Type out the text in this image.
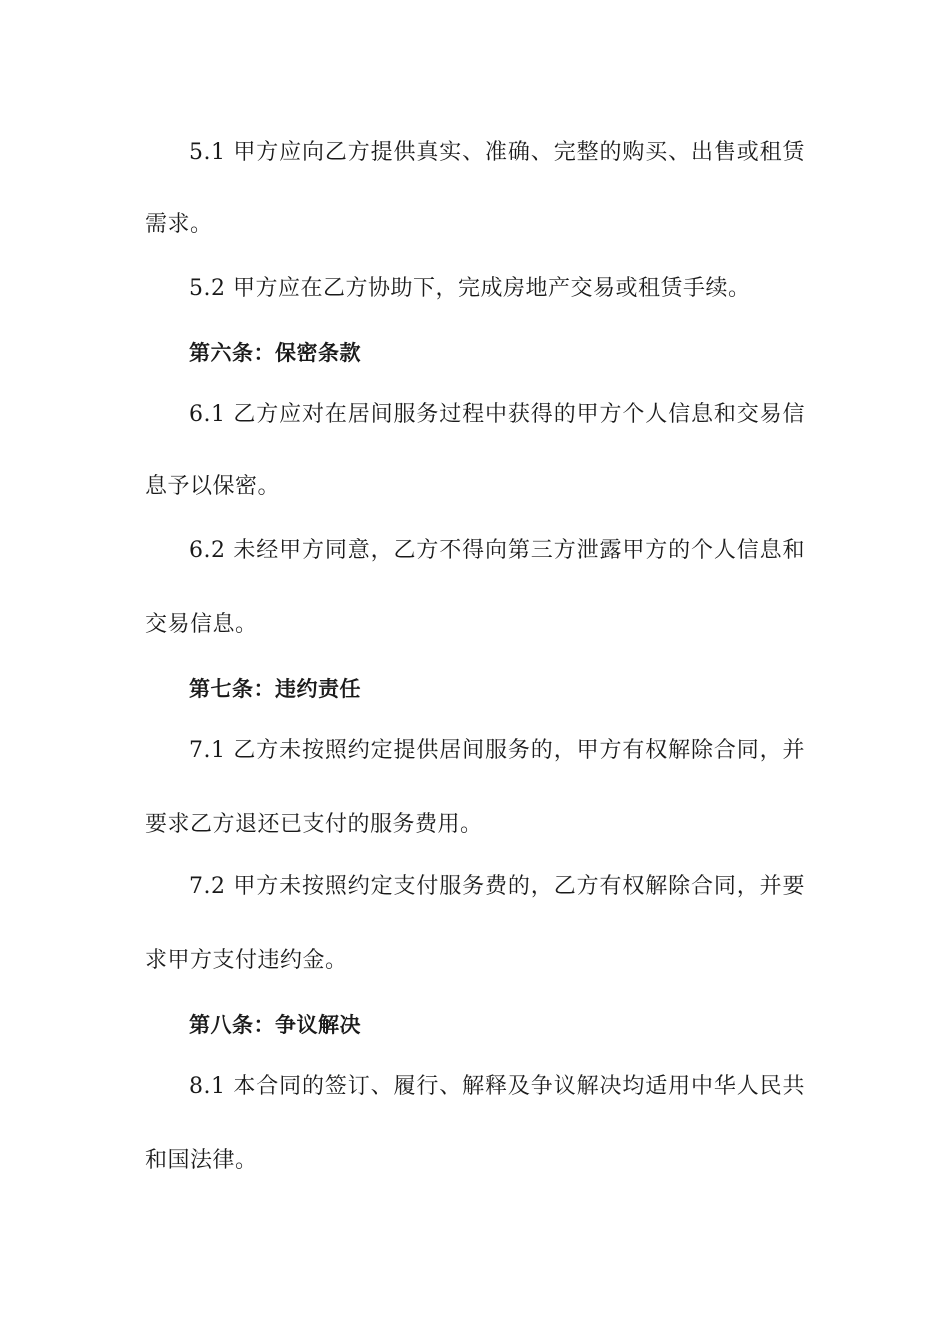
5.1 甲方应向乙方提供真实、准确、完整的购买、出售或租赁
需求。
5.2 甲方应在乙方协助下，完成房地产交易或租赁手续。
第六条：保密条款
6.1 乙方应对在居间服务过程中获得的甲方个人信息和交易信
息予以保密。
6.2 未经甲方同意，乙方不得向第三方泄露甲方的个人信息和
交易信息。
第七条：违约责任
7.1 乙方未按照约定提供居间服务的，甲方有权解除合同，并
要求乙方退还已支付的服务费用。
7.2 甲方未按照约定支付服务费的，乙方有权解除合同，并要
求甲方支付违约金。
第八条：争议解决
8.1 本合同的签订、履行、解释及争议解决均适用中华人民共
和国法律。
